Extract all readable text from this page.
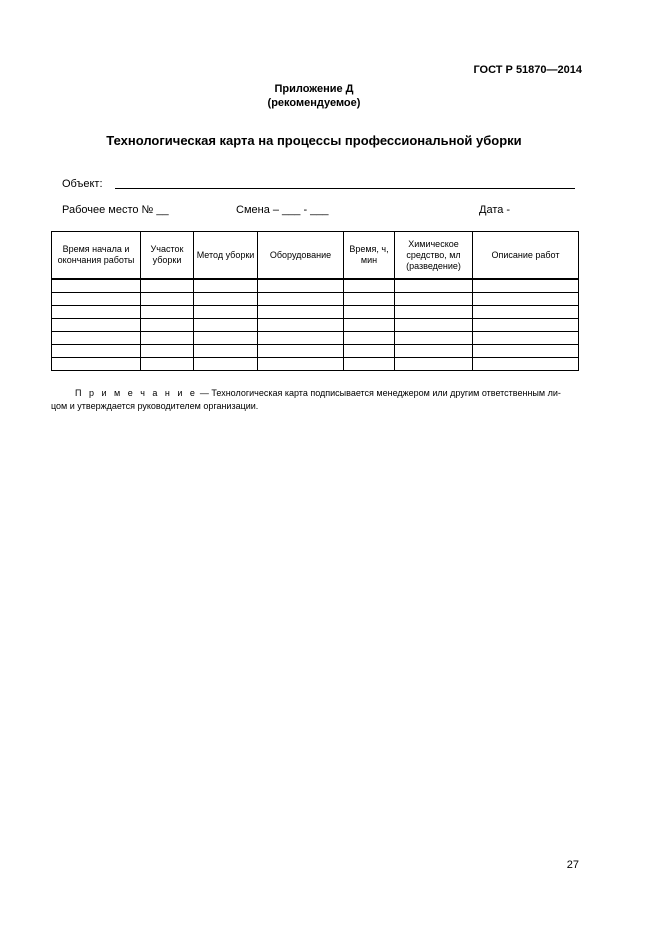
ГОСТ Р 51870—2014
Приложение Д
(рекомендуемое)
Технологическая карта на процессы профессиональной уборки
Объект:
Рабочее место № __	Смена – ___ - ___	Дата -
Время начала и окончания работы	Участок уборки	Метод уборки	Оборудование	Время, ч, мин	Химическое средство, мл (разведение)	Описание работ

П р и м е ч а н и е — Технологическая карта подписывается менеджером или другим ответственным ли-
цом и утверждается руководителем организации.
27
